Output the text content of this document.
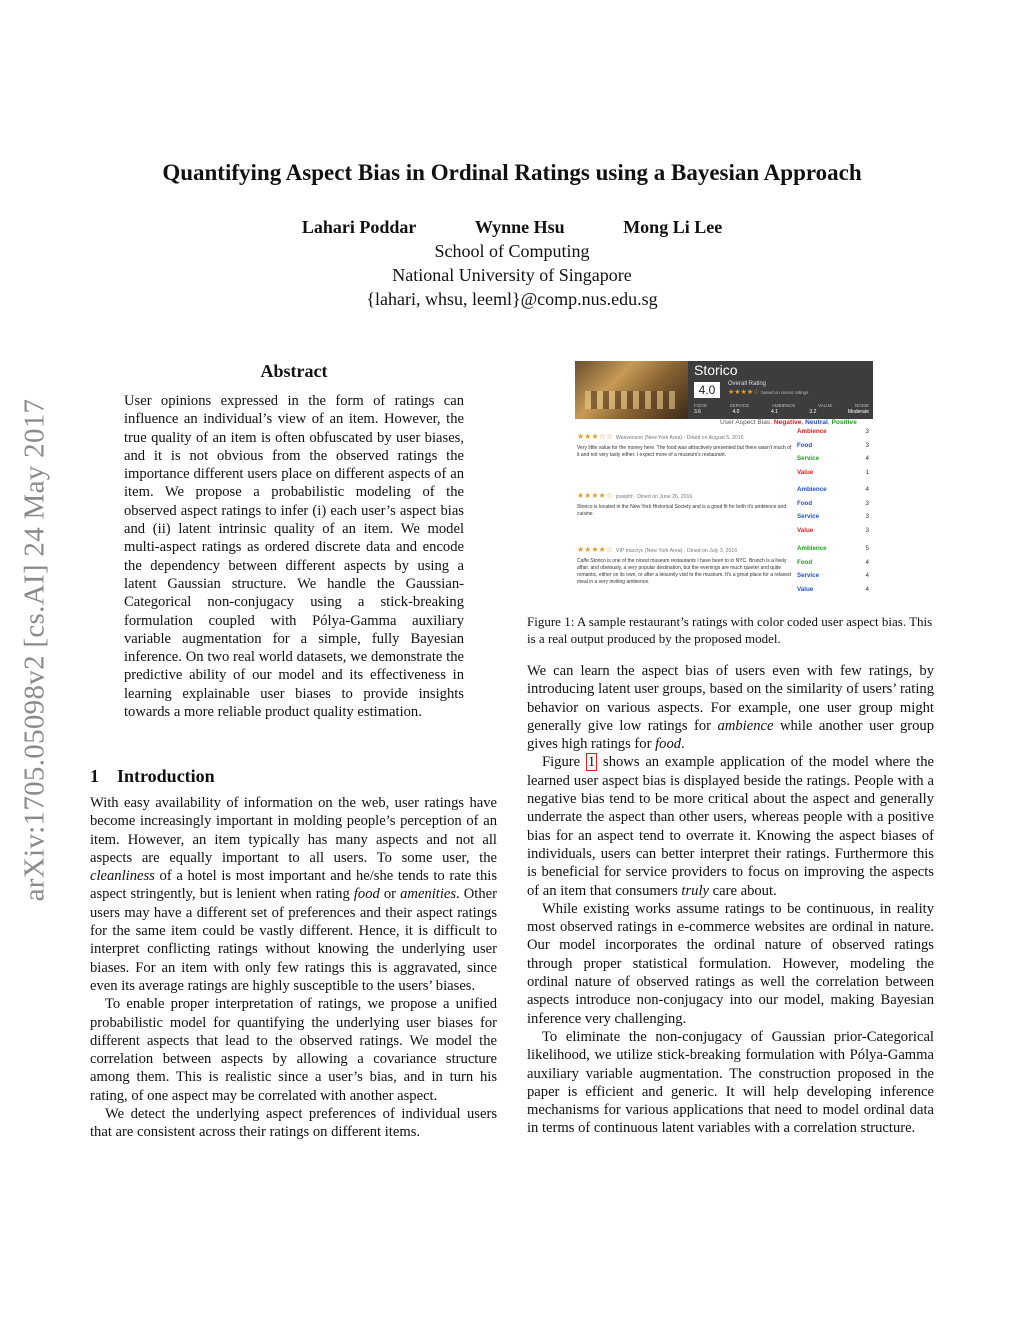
arXiv:1705.05098v2 [cs.AI] 24 May 2017
Quantifying Aspect Bias in Ordinal Ratings using a Bayesian Approach
Lahari Poddar	Wynne Hsu	Mong Li Lee
School of Computing
National University of Singapore
{lahari, whsu, leeml}@comp.nus.edu.sg
Abstract
User opinions expressed in the form of ratings can influence an individual’s view of an item. However, the true quality of an item is often obfuscated by user biases, and it is not obvious from the observed ratings the importance different users place on different aspects of an item. We propose a probabilistic modeling of the observed aspect ratings to infer (i) each user’s aspect bias and (ii) latent intrinsic quality of an item. We model multi-aspect ratings as ordered discrete data and encode the dependency between different aspects by using a latent Gaussian structure. We handle the Gaussian-Categorical non-conjugacy using a stick-breaking formulation coupled with Pólya-Gamma auxiliary variable augmentation for a simple, fully Bayesian inference. On two real world datasets, we demonstrate the predictive ability of our model and its effectiveness in learning explainable user biases to provide insights towards a more reliable product quality estimation.
1 Introduction

With easy availability of information on the web, user ratings have become increasingly important in molding people’s perception of an item. However, an item typically has many aspects and not all aspects are equally important to all users. To some user, the cleanliness of a hotel is most important and he/she tends to rate this aspect stringently, but is lenient when rating food or amenities. Other users may have a different set of preferences and their aspect ratings for the same item could be vastly different. Hence, it is difficult to interpret conflicting ratings without knowing the underlying user biases. For an item with only few ratings this is aggravated, since even its average ratings are highly susceptible to the users’ biases.

To enable proper interpretation of ratings, we propose a unified probabilistic model for quantifying the underlying user biases for different aspects that lead to the observed ratings. We model the correlation between aspects by allowing a covariance structure among them. This is realistic since a user’s bias, and in turn his rating, of one aspect may be correlated with another aspect.

We detect the underlying aspect preferences of individual users that are consistent across their ratings on different items.

Storico
4.0	Overall Rating
★★★★☆ based on recent ratings
FOOD	SERVICE	AMBIENCE	VALUE	NOISE
3.6	4.0	4.1	3.2	Moderate
User Aspect Bias: Negative, Neutral, Positive
★★★☆☆ Weavenson (New York Area) · Dined on August 5, 2016
Very little value for the money here. The food was attractively presented but there wasn't much of it and not very tasty either. I expect more of a museum's restaurant.
Ambience	3
Food	3
Service	4
Value	1
★★★★☆ josephf · Dined on June 26, 2016
Storico is located in the New York Historical Society and is a good fit for both it's ambience and cuisine.
Ambience	4
Food	3
Service	3
Value	3
★★★★☆ VIP macnyc (New York Area) · Dined on July 3, 2016
Caffe Storico is one of the nicest museum restaurants I have been to in NYC. Brunch is a lively affair, and obviously, a very popular destination, but the evenings are much quieter and quite romantic, either on its own, or after a leisurely visit to the museum. It's a great place for a relaxed meal in a very inviting ambience.
Ambience	5
Food	4
Service	4
Value	4
Figure 1: A sample restaurant’s ratings with color coded user aspect bias. This is a real output produced by the proposed model.

We can learn the aspect bias of users even with few ratings, by introducing latent user groups, based on the similarity of users’ rating behavior on various aspects. For example, one user group might generally give low ratings for ambience while another user group gives high ratings for food.

Figure 1 shows an example application of the model where the learned user aspect bias is displayed beside the ratings. People with a negative bias tend to be more critical about the aspect and generally underrate the aspect than other users, whereas people with a positive bias for an aspect tend to overrate it. Knowing the aspect biases of individuals, users can better interpret their ratings. Furthermore this is beneficial for service providers to focus on improving the aspects of an item that consumers truly care about.

While existing works assume ratings to be continuous, in reality most observed ratings in e-commerce websites are ordinal in nature. Our model incorporates the ordinal nature of observed ratings through proper statistical formulation. However, modeling the ordinal nature of observed ratings as well the correlation between aspects introduce non-conjugacy into our model, making Bayesian inference very challenging.

To eliminate the non-conjugacy of Gaussian prior-Categorical likelihood, we utilize stick-breaking formulation with Pólya-Gamma auxiliary variable augmentation. The construction proposed in the paper is efficient and generic. It will help developing inference mechanisms for various applications that need to model ordinal data in terms of continuous latent variables with a correlation structure.
